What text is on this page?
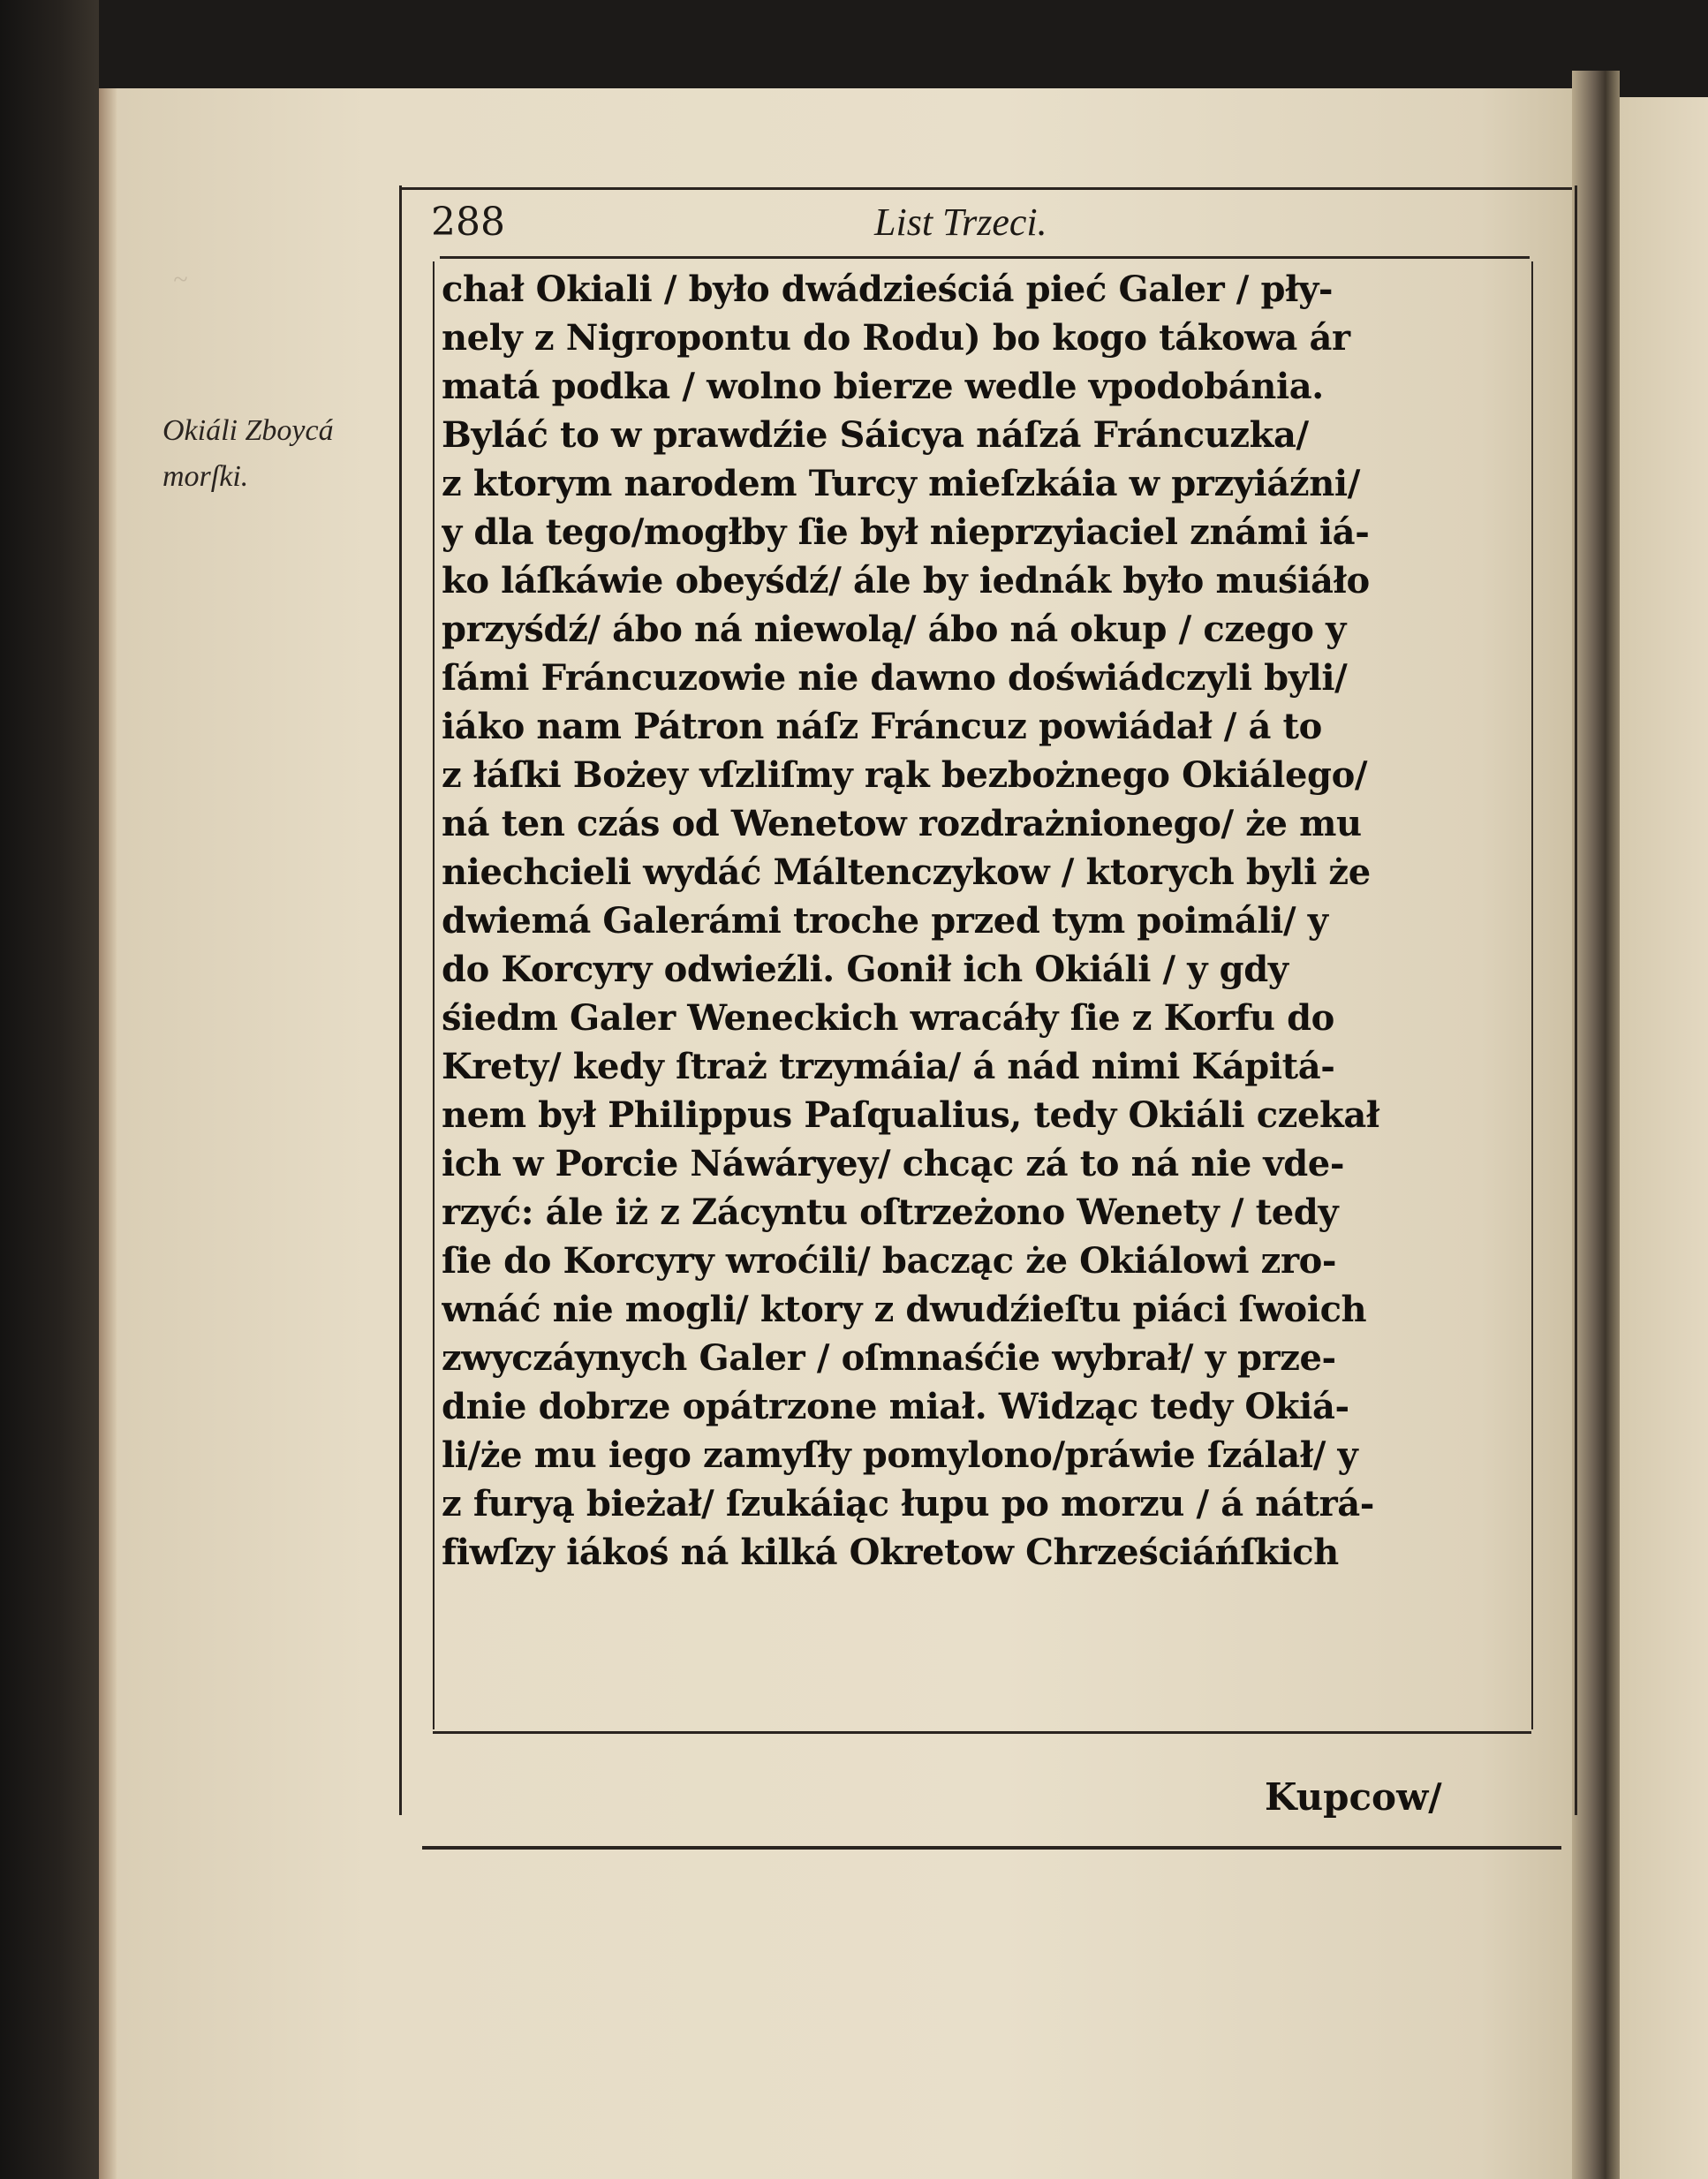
~
288	List Trzeci.
Okiáli Zboycá
morſki.
chał Okiali / było dwádzieściá pieć Galer / pły-
nely z Nigropontu do Rodu) bo kogo tákowa ár
matá podka / wolno bierze wedle vpodobánia.
Byláć to w prawdźie Sáicya náſzá Fráncuzka/
z ktorym narodem Turcy mieſzkáia w przyiáźni/
y dla tego/mogłby ſie był nieprzyiaciel známi iá-
ko láſkáwie obeyśdź/ ále by iednák było muśiáło
przyśdź/ ábo ná niewolą/ ábo ná okup / czego y
ſámi Fráncuzowie nie dawno doświádczyli byli/
iáko nam Pátron náſz Fráncuz powiádał / á to
z łáſki Bożey vſzliſmy rąk bezbożnego Okiálego/
ná ten czás od Wenetow rozdrażnionego/ że mu
niechcieli wydáć Máltenczykow / ktorych byli że
dwiemá Galerámi troche przed tym poimáli/ y
do Korcyry odwieźli. Gonił ich Okiáli / y gdy
śiedm Galer Weneckich wracáły ſie z Korfu do
Krety/ kedy ſtraż trzymáia/ á nád nimi Kápitá-
nem był Philippus Paſqualius, tedy Okiáli czekał
ich w Porcie Náwáryey/ chcąc zá to ná nie vde-
rzyć: ále iż z Zácyntu oſtrzeżono Wenety / tedy
ſie do Korcyry wroćili/ bacząc że Okiálowi zro-
wnáć nie mogli/ ktory z dwudźieſtu piáci ſwoich
zwyczáynych Galer / oſmnaśćie wybrał/ y prze-
dnie dobrze opátrzone miał. Widząc tedy Okiá-
li/że mu iego zamyſły pomylono/práwie ſzálał/ y
z furyą bieżał/ ſzukáiąc łupu po morzu / á nátrá-
fiwſzy iákoś ná kilká Okretow Chrześciáńſkich
Kupcow/
